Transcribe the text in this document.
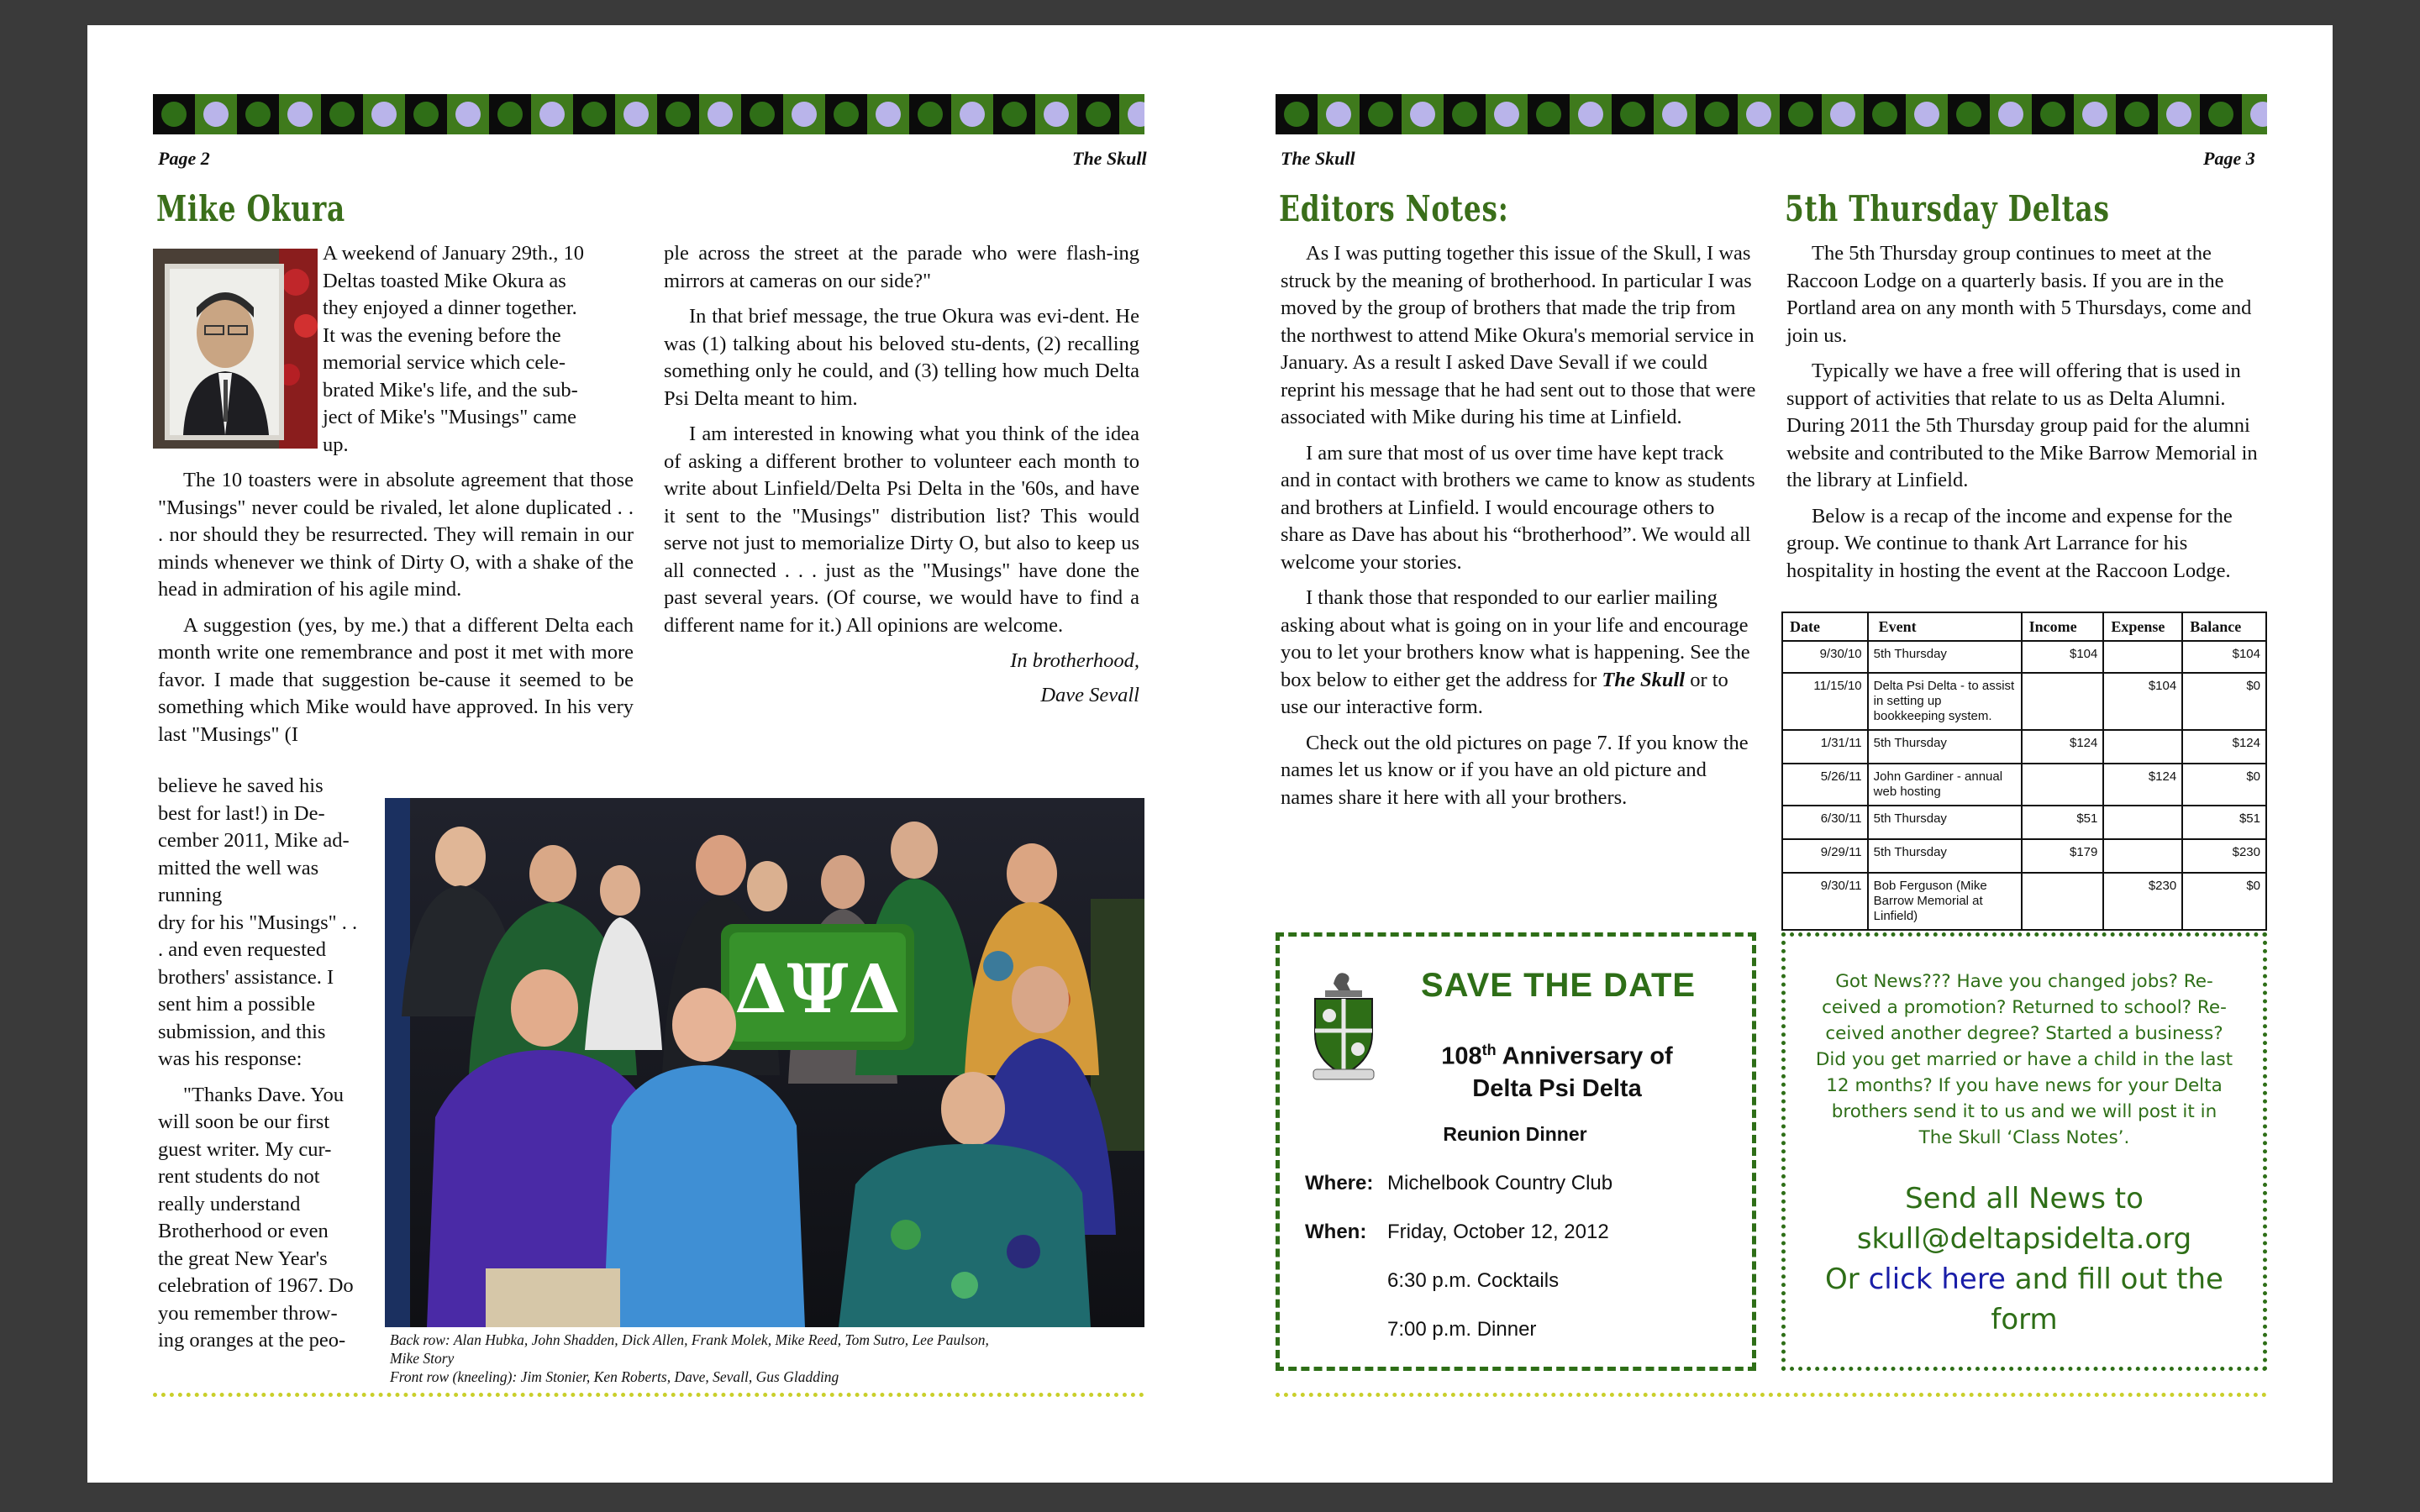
Page 2	The Skull
Mike Okura
A weekend of January 29th., 10
Deltas toasted Mike Okura as
they enjoyed a dinner together.
It was the evening before the
memorial service which cele-
brated Mike's life, and the sub-
ject of Mike's "Musings" came
up.

The 10 toasters were in absolute agreement that those "Musings" never could be rivaled, let alone duplicated . . . nor should they be resurrected. They will remain in our minds whenever we think of Dirty O, with a shake of the head in admiration of his agile mind.

A suggestion (yes, by me.) that a different Delta each month write one remembrance and post it met with more favor. I made that suggestion be-cause it seemed to be something which Mike would have approved. In his very last "Musings" (I

believe he saved his
best for last!) in De-
cember 2011, Mike ad-
mitted the well was
running
dry for his "Musings" . .
. and even requested
brothers' assistance. I
sent him a possible
submission, and this
was his response:
"Thanks Dave. You
will soon be our first
guest writer. My cur-
rent students do not
really understand
Brotherhood or even
the great New Year's
celebration of 1967. Do
you remember throw-
ing oranges at the peo-

ple across the street at the parade who were flash-ing mirrors at cameras on our side?"

In that brief message, the true Okura was evi-dent. He was (1) talking about his beloved stu-dents, (2) recalling something only he could, and (3) telling how much Delta Psi Delta meant to him.

I am interested in knowing what you think of the idea of asking a different brother to volunteer each month to write about Linfield/Delta Psi Delta in the '60s, and have it sent to the "Musings" distribution list? This would serve not just to memorialize Dirty O, but also to keep us all connected . . . just as the "Musings" have done the past several years. (Of course, we would have to find a different name for it.) All opinions are welcome.

In brotherhood,
Dave Sevall
ΔΨΔ
Back row: Alan Hubka, John Shadden, Dick Allen, Frank Molek, Mike Reed, Tom Sutro, Lee Paulson,
Mike Story
Front row (kneeling): Jim Stonier, Ken Roberts, Dave, Sevall, Gus Gladding
The Skull	Page 3
Editors Notes:	5th Thursday Deltas

As I was putting together this issue of the Skull, I was struck by the meaning of brotherhood. In particular I was moved by the group of brothers that made the trip from the northwest to attend Mike Okura's memorial service in January. As a result I asked Dave Sevall if we could reprint his message that he had sent out to those that were associated with Mike during his time at Linfield.

I am sure that most of us over time have kept track and in contact with brothers we came to know as students and brothers at Linfield. I would encourage others to share as Dave has about his “brotherhood”. We would all welcome your stories.

I thank those that responded to our earlier mailing asking about what is going on in your life and encourage you to let your brothers know what is happening. See the box below to either get the address for The Skull or to use our interactive form.

Check out the old pictures on page 7. If you know the names let us know or if you have an old picture and names share it here with all your brothers.

The 5th Thursday group continues to meet at the Raccoon Lodge on a quarterly basis. If you are in the Portland area on any month with 5 Thursdays, come and join us.

Typically we have a free will offering that is used in support of activities that relate to us as Delta Alumni. During 2011 the 5th Thursday group paid for the alumni website and contributed to the Mike Barrow Memorial in the library at Linfield.

Below is a recap of the income and expense for the group. We continue to thank Art Larrance for his hospitality in hosting the event at the Raccoon Lodge.

Date	Event	Income	Expense	Balance
9/30/10	5th Thursday	$104		$104
11/15/10	Delta Psi Delta - to assist in setting up bookkeeping system.		$104	$0
1/31/11	5th Thursday	$124		$124
5/26/11	John Gardiner - annual web hosting		$124	$0
6/30/11	5th Thursday	$51		$51
9/29/11	5th Thursday	$179		$230
9/30/11	Bob Ferguson (Mike Barrow Memorial at Linfield)		$230	$0
SAVE THE DATE
108th Anniversary of
Delta Psi Delta
Reunion Dinner
Where: Michelbook Country Club
When: Friday, October 12, 2012
6:30 p.m. Cocktails
7:00 p.m. Dinner
Got News??? Have you changed jobs? Re-
ceived a promotion? Returned to school? Re-
ceived another degree? Started a business?
Did you get married or have a child in the last
12 months? If you have news for your Delta
brothers send it to us and we will post it in
The Skull ‘Class Notes’.
Send all News to
skull@deltapsidelta.org
Or click here and fill out the
form
